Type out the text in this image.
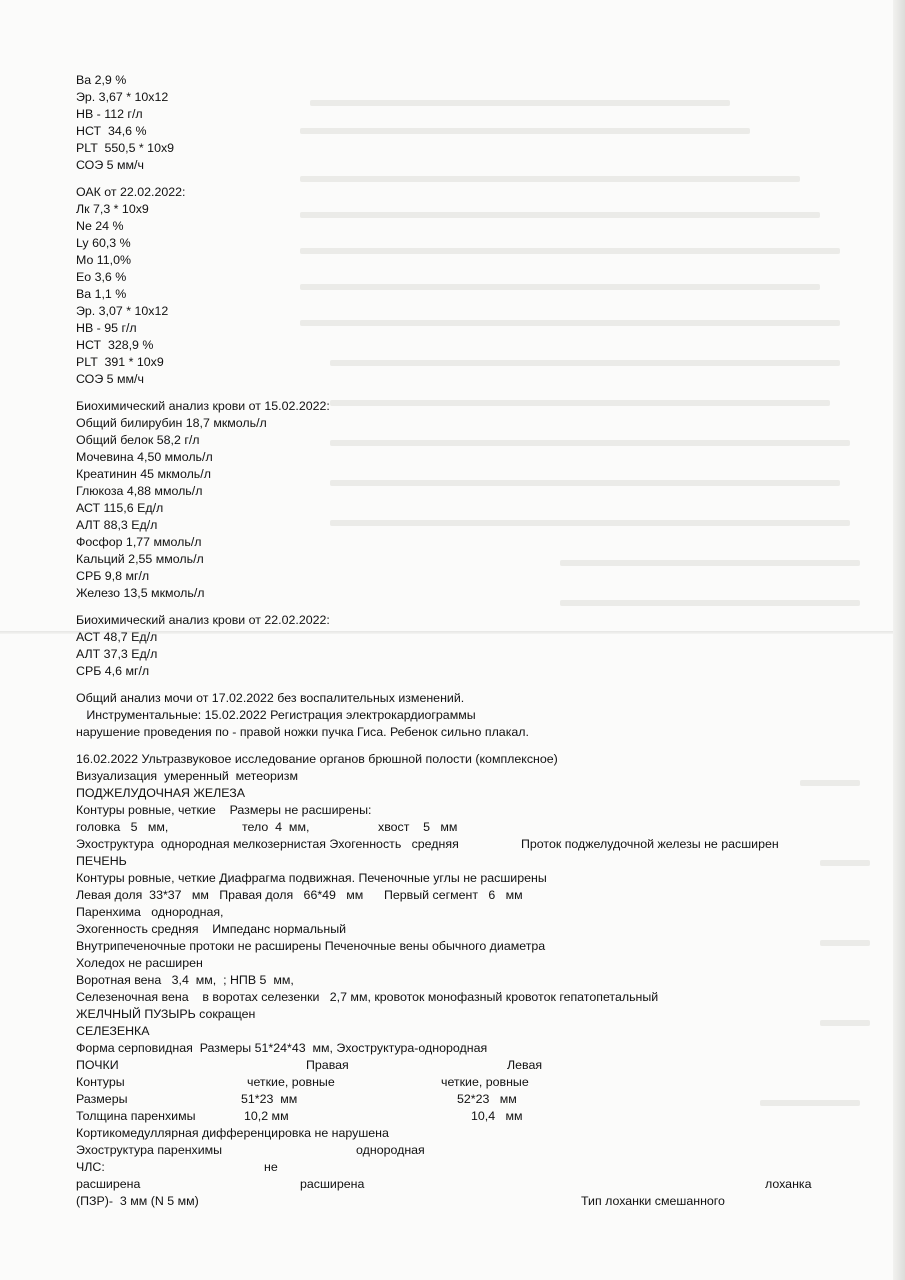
Ва 2,9 %
Эр. 3,67 * 10x12
НВ - 112 г/л
НСТ  34,6 %
PLT  550,5 * 10x9
СОЭ 5 мм/ч
ОАК от 22.02.2022:
Лк 7,3 * 10x9
Ne 24 %
Ly 60,3 %
Мо 11,0%
Ео 3,6 %
Ва 1,1 %
Эр. 3,07 * 10x12
НВ - 95 г/л
НСТ  328,9 %
PLT  391 * 10x9
СОЭ 5 мм/ч
Биохимический анализ крови от 15.02.2022:
Общий билирубин 18,7 мкмоль/л
Общий белок 58,2 г/л
Мочевина 4,50 ммоль/л
Креатинин 45 мкмоль/л
Глюкоза 4,88 ммоль/л
АСТ 115,6 Ед/л
АЛТ 88,3 Ед/л
Фосфор 1,77 ммоль/л
Кальций 2,55 ммоль/л
СРБ 9,8 мг/л
Железо 13,5 мкмоль/л
Биохимический анализ крови от 22.02.2022:
АСТ 48,7 Ед/л
АЛТ 37,3 Ед/л
СРБ 4,6 мг/л
Общий анализ мочи от 17.02.2022 без воспалительных изменений.
Инструментальные: 15.02.2022 Регистрация электрокардиограммы
нарушение проведения по - правой ножки пучка Гиса. Ребенок сильно плакал.
16.02.2022 Ультразвуковое исследование органов брюшной полости (комплексное)
Визуализация  умеренный  метеоризм
ПОДЖЕЛУДОЧНАЯ ЖЕЛЕЗА
Контуры ровные, четкие    Размеры не расширены:
головка   5   мм,	тело  4  мм,	хвост    5   мм
Эхоструктура  однородная мелкозернистая Эхогенность   средняя	Проток поджелудочной железы не расширен
ПЕЧЕНЬ
Контуры ровные, четкие Диафрагма подвижная. Печеночные углы не расширены
Левая доля  33*37   мм   Правая доля   66*49   мм      Первый сегмент   6   мм
Паренхима   однородная,
Эхогенность средняя    Импеданс нормальный
Внутрипеченочные протоки не расширены Печеночные вены обычного диаметра
Холедох не расширен
Воротная вена   3,4  мм,  ; НПВ 5  мм,
Селезеночная вена    в воротах селезенки   2,7 мм, кровоток монофазный кровоток гепатопетальный
ЖЕЛЧНЫЙ ПУЗЫРЬ сокращен
СЕЛЕЗЕНКА
Форма серповидная  Размеры 51*24*43  мм, Эхоструктура-однородная
ПОЧКИ	Правая	Левая
Контуры	четкие, ровные	четкие, ровные
Размеры	51*23  мм	52*23   мм
Толщина паренхимы	10,2 мм	10,4   мм
Кортикомедуллярная дифференцировка не нарушена
Эхоструктура паренхимы	однородная
ЧЛС:	не
расширена	расширена	лоханка
(ПЗР)-  3 мм (N 5 мм)	Тип лоханки смешанного
